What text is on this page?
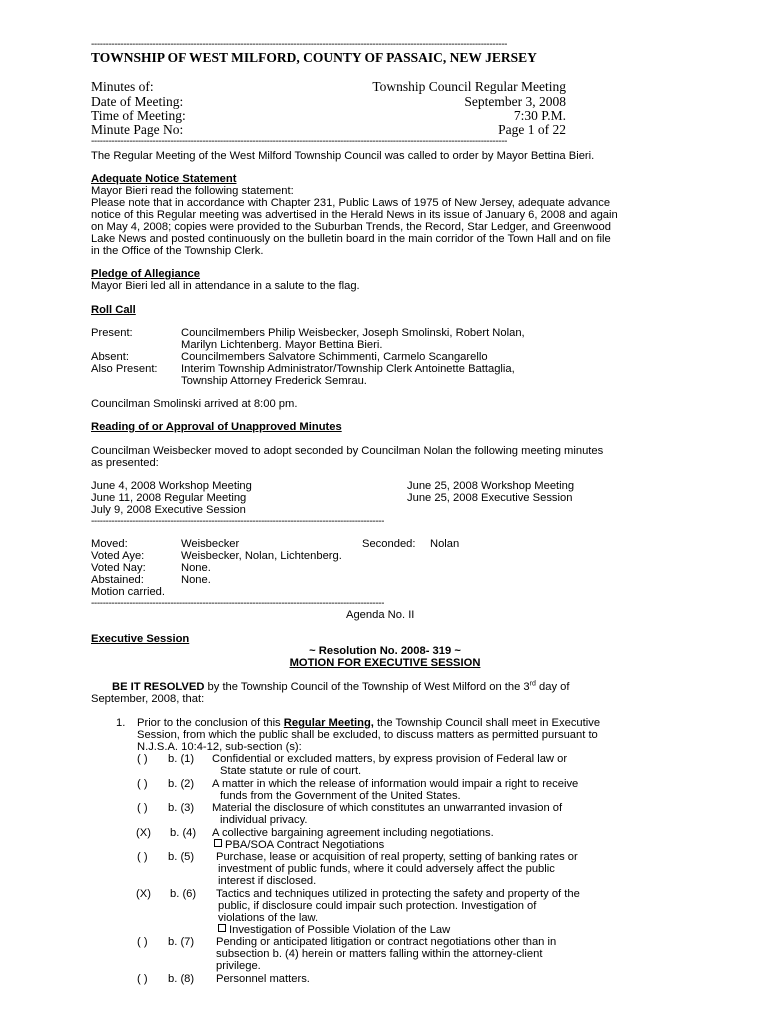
----------------------------------------------------------------------------------------------------------------------------------------------
TOWNSHIP OF WEST MILFORD, COUNTY OF PASSAIC, NEW JERSEY
Minutes of:	Township Council Regular Meeting
Date of Meeting:	September 3, 2008
Time of Meeting:	7:30 P.M.
Minute Page No:	Page 1 of 22
----------------------------------------------------------------------------------------------------------------------------------------------
The Regular Meeting of the West Milford Township Council was called to order by Mayor Bettina Bieri.
Adequate Notice Statement
Mayor Bieri read the following statement:
Please note that in accordance with Chapter 231, Public Laws of 1975 of New Jersey, adequate advance
notice of this Regular meeting was advertised in the Herald News in its issue of January 6, 2008 and again
on May 4, 2008; copies were provided to the Suburban Trends, the Record, Star Ledger, and Greenwood
Lake News and posted continuously on the bulletin board in the main corridor of the Town Hall and on file
in the Office of the Township Clerk.
Pledge of Allegiance
Mayor Bieri led all in attendance in a salute to the flag.
Roll Call
Present:	Councilmembers Philip Weisbecker, Joseph Smolinski, Robert Nolan,
Marilyn Lichtenberg. Mayor Bettina Bieri.
Absent:	Councilmembers Salvatore Schimmenti, Carmelo Scangarello
Also Present: Interim Township Administrator/Township Clerk Antoinette Battaglia,
Township Attorney Frederick Semrau.
Councilman Smolinski arrived at 8:00 pm.
Reading of or Approval of Unapproved Minutes
Councilman Weisbecker moved to adopt seconded by Councilman Nolan the following meeting minutes
as presented:
June 4, 2008 Workshop Meeting
June 11, 2008 Regular Meeting
July 9, 2008 Executive Session
June 25, 2008 Workshop Meeting
June 25, 2008 Executive Session
----------------------------------------------------------------------------------------------------
Moved:	Weisbecker	Seconded: Nolan
Voted Aye:	Weisbecker, Nolan, Lichtenberg.
Voted Nay:	None.
Abstained:	None.
Motion carried.
----------------------------------------------------------------------------------------------------
Agenda No. II
Executive Session
~ Resolution No. 2008- 319 ~
MOTION FOR EXECUTIVE SESSION
BE IT RESOLVED by the Township Council of the Township of West Milford on the 3rd day of
September, 2008, that:
1. Prior to the conclusion of this Regular Meeting, the Township Council shall meet in Executive
Session, from which the public shall be excluded, to discuss matters as permitted pursuant to
N.J.S.A. 10:4-12, sub-section (s):
( ) b. (1) Confidential or excluded matters, by express provision of Federal law or
State statute or rule of court.
( ) b. (2) A matter in which the release of information would impair a right to receive
funds from the Government of the United States.
( ) b. (3) Material the disclosure of which constitutes an unwarranted invasion of
individual privacy.
(X) b. (4) A collective bargaining agreement including negotiations.
PBA/SOA Contract Negotiations
( ) b. (5) Purchase, lease or acquisition of real property, setting of banking rates or
investment of public funds, where it could adversely affect the public
interest if disclosed.
(X) b. (6) Tactics and techniques utilized in protecting the safety and property of the
public, if disclosure could impair such protection. Investigation of
violations of the law.
Investigation of Possible Violation of the Law
( ) b. (7) Pending or anticipated litigation or contract negotiations other than in
subsection b. (4) herein or matters falling within the attorney-client
privilege.
( ) b. (8) Personnel matters.
